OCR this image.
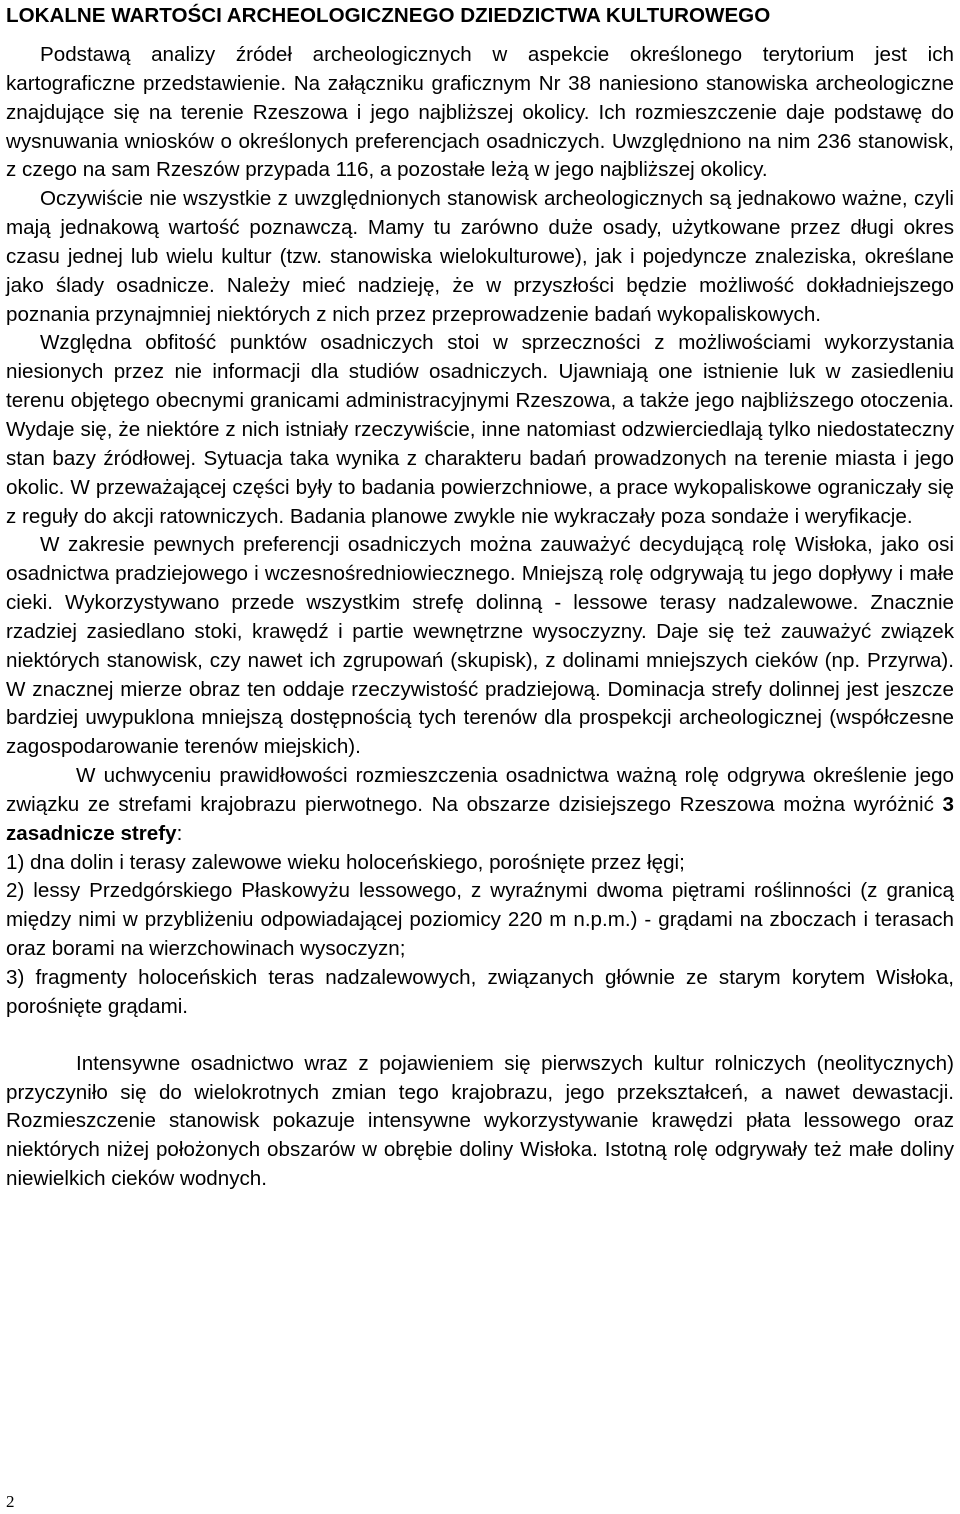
LOKALNE WARTOŚCI ARCHEOLOGICZNEGO DZIEDZICTWA KULTUROWEGO

Podstawą analizy źródeł archeologicznych w aspekcie określonego terytorium jest ich kartograficzne przedstawienie. Na załączniku graficznym Nr 38 naniesiono stanowiska archeologiczne znajdujące się na terenie Rzeszowa i jego najbliższej okolicy. Ich rozmieszczenie daje podstawę do wysnuwania wniosków o określonych preferencjach osadniczych. Uwzględniono na nim 236 stanowisk, z czego na sam Rzeszów przypada 116, a pozostałe leżą w jego najbliższej okolicy.

Oczywiście nie wszystkie z uwzględnionych stanowisk archeologicznych są jednakowo ważne, czyli mają jednakową wartość poznawczą. Mamy tu zarówno duże osady, użytkowane przez długi okres czasu jednej lub wielu kultur (tzw. stanowiska wielokulturowe), jak i pojedyncze znaleziska, określane jako ślady osadnicze. Należy mieć nadzieję, że w przyszłości będzie możliwość dokładniejszego poznania przynajmniej niektórych z nich przez przeprowadzenie badań wykopaliskowych.

Względna obfitość punktów osadniczych stoi w sprzeczności z możliwościami wykorzystania niesionych przez nie informacji dla studiów osadniczych. Ujawniają one istnienie luk w zasiedleniu terenu objętego obecnymi granicami administracyjnymi Rzeszowa, a także jego najbliższego otoczenia. Wydaje się, że niektóre z nich istniały rzeczywiście, inne natomiast odzwierciedlają tylko niedostateczny stan bazy źródłowej. Sytuacja taka wynika z charakteru badań prowadzonych na terenie miasta i jego okolic. W przeważającej części były to badania powierzchniowe, a prace wykopaliskowe ograniczały się z reguły do akcji ratowniczych. Badania planowe zwykle nie wykraczały poza sondaże i weryfikacje.

W zakresie pewnych preferencji osadniczych można zauważyć decydującą rolę Wisłoka, jako osi osadnictwa pradziejowego i wczesnośredniowiecznego. Mniejszą rolę odgrywają tu jego dopływy i małe cieki. Wykorzystywano przede wszystkim strefę dolinną - lessowe terasy nadzalewowe. Znacznie rzadziej zasiedlano stoki, krawędź i partie wewnętrzne wysoczyzny. Daje się też zauważyć związek niektórych stanowisk, czy nawet ich zgrupowań (skupisk), z dolinami mniejszych cieków (np. Przyrwa). W znacznej mierze obraz ten oddaje rzeczywistość pradziejową. Dominacja strefy dolinnej jest jeszcze bardziej uwypuklona mniejszą dostępnością tych terenów dla prospekcji archeologicznej (współczesne zagospodarowanie terenów miejskich).

W uchwyceniu prawidłowości rozmieszczenia osadnictwa ważną rolę odgrywa określenie jego związku ze strefami krajobrazu pierwotnego. Na obszarze dzisiejszego Rzeszowa można wyróżnić 3 zasadnicze strefy:

1) dna dolin i terasy zalewowe wieku holoceńskiego, porośnięte przez łęgi;

2) lessy Przedgórskiego Płaskowyżu lessowego, z wyraźnymi dwoma piętrami roślinności (z granicą między nimi w przybliżeniu odpowiadającej poziomicy 220 m n.p.m.) - grądami na zboczach i terasach oraz borami na wierzchowinach wysoczyzn;

3) fragmenty holoceńskich teras nadzalewowych, związanych głównie ze starym korytem Wisłoka, porośnięte grądami.

Intensywne osadnictwo wraz z pojawieniem się pierwszych kultur rolniczych (neolitycznych) przyczyniło się do wielokrotnych zmian tego krajobrazu, jego przekształceń, a nawet dewastacji. Rozmieszczenie stanowisk pokazuje intensywne wykorzystywanie krawędzi płata lessowego oraz niektórych niżej położonych obszarów w obrębie doliny Wisłoka. Istotną rolę odgrywały też małe doliny niewielkich cieków wodnych.

2
